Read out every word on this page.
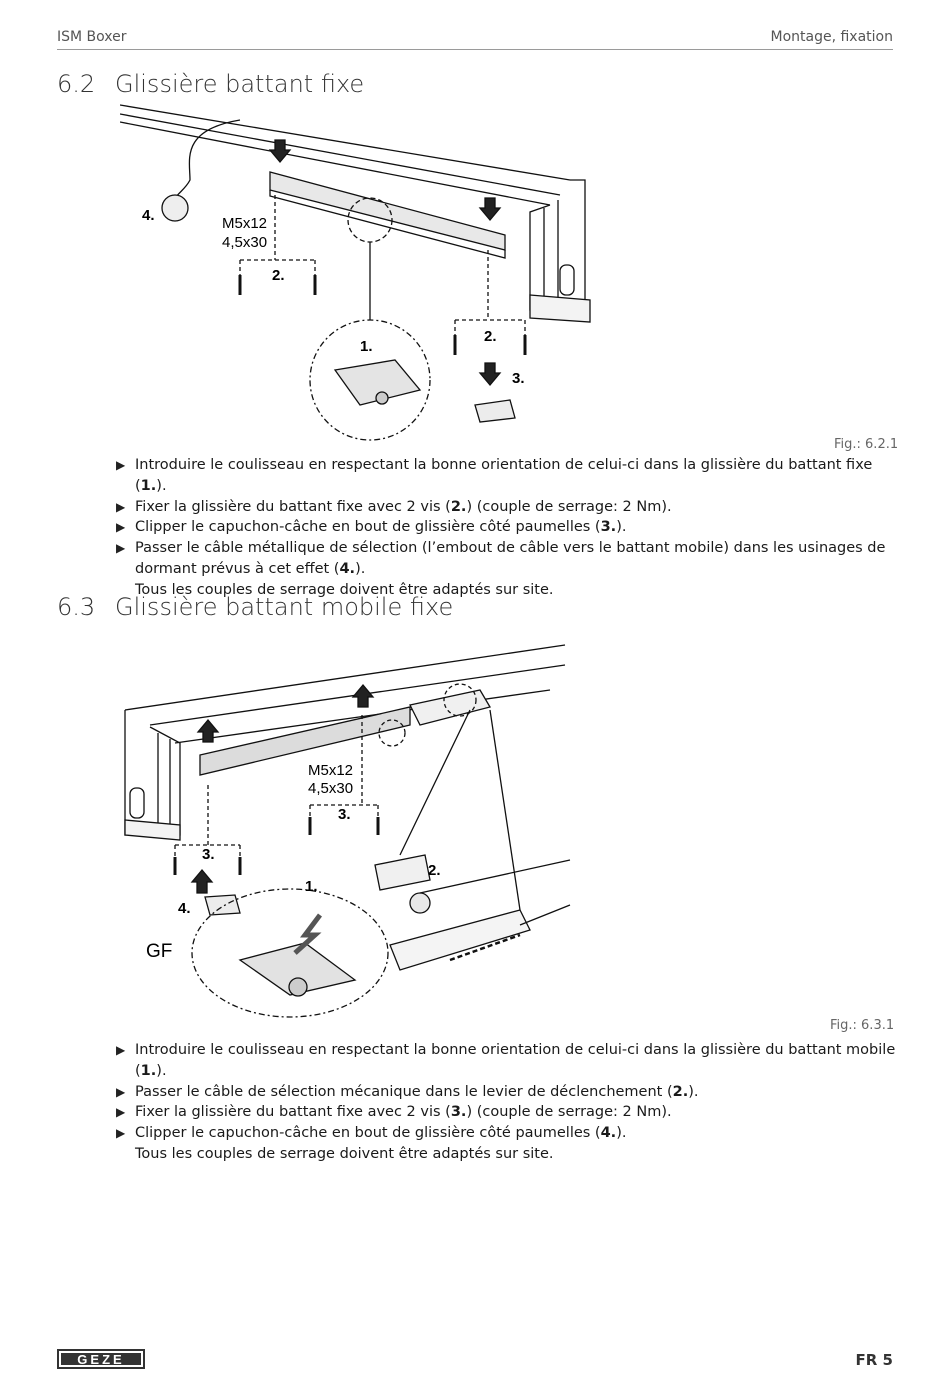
ISM Boxer	Montage, fixation
6.2 Glissière battant fixe
4.	M5x12
4,5x30
2.
1.
2.
3.
Fig.: 6.2.1
▶ Introduire le coulisseau en respectant la bonne orientation de celui-ci dans la glissière du battant fixe (1.).
▶ Fixer la glissière du battant fixe avec 2 vis (2.) (couple de serrage: 2 Nm).
▶ Clipper le capuchon-câche en bout de glissière côté paumelles (3.).
▶ Passer le câble métallique de sélection (l’embout de câble vers le battant mobile) dans les usinages de dormant prévus à cet effet (4.).
Tous les couples de serrage doivent être adaptés sur site.
6.3 Glissière battant mobile fixe
M5x12
4,5x30
3.
3.
4.
1.
2.
GF
Fig.: 6.3.1
▶ Introduire le coulisseau en respectant la bonne orientation de celui-ci dans la glissière du battant mobile (1.).
▶ Passer le câble de sélection mécanique dans le levier de déclenchement (2.).
▶ Fixer la glissière du battant fixe avec 2 vis (3.) (couple de serrage: 2 Nm).
▶ Clipper le capuchon-câche en bout de glissière côté paumelles (4.).
Tous les couples de serrage doivent être adaptés sur site.
GEZE	FR 5
